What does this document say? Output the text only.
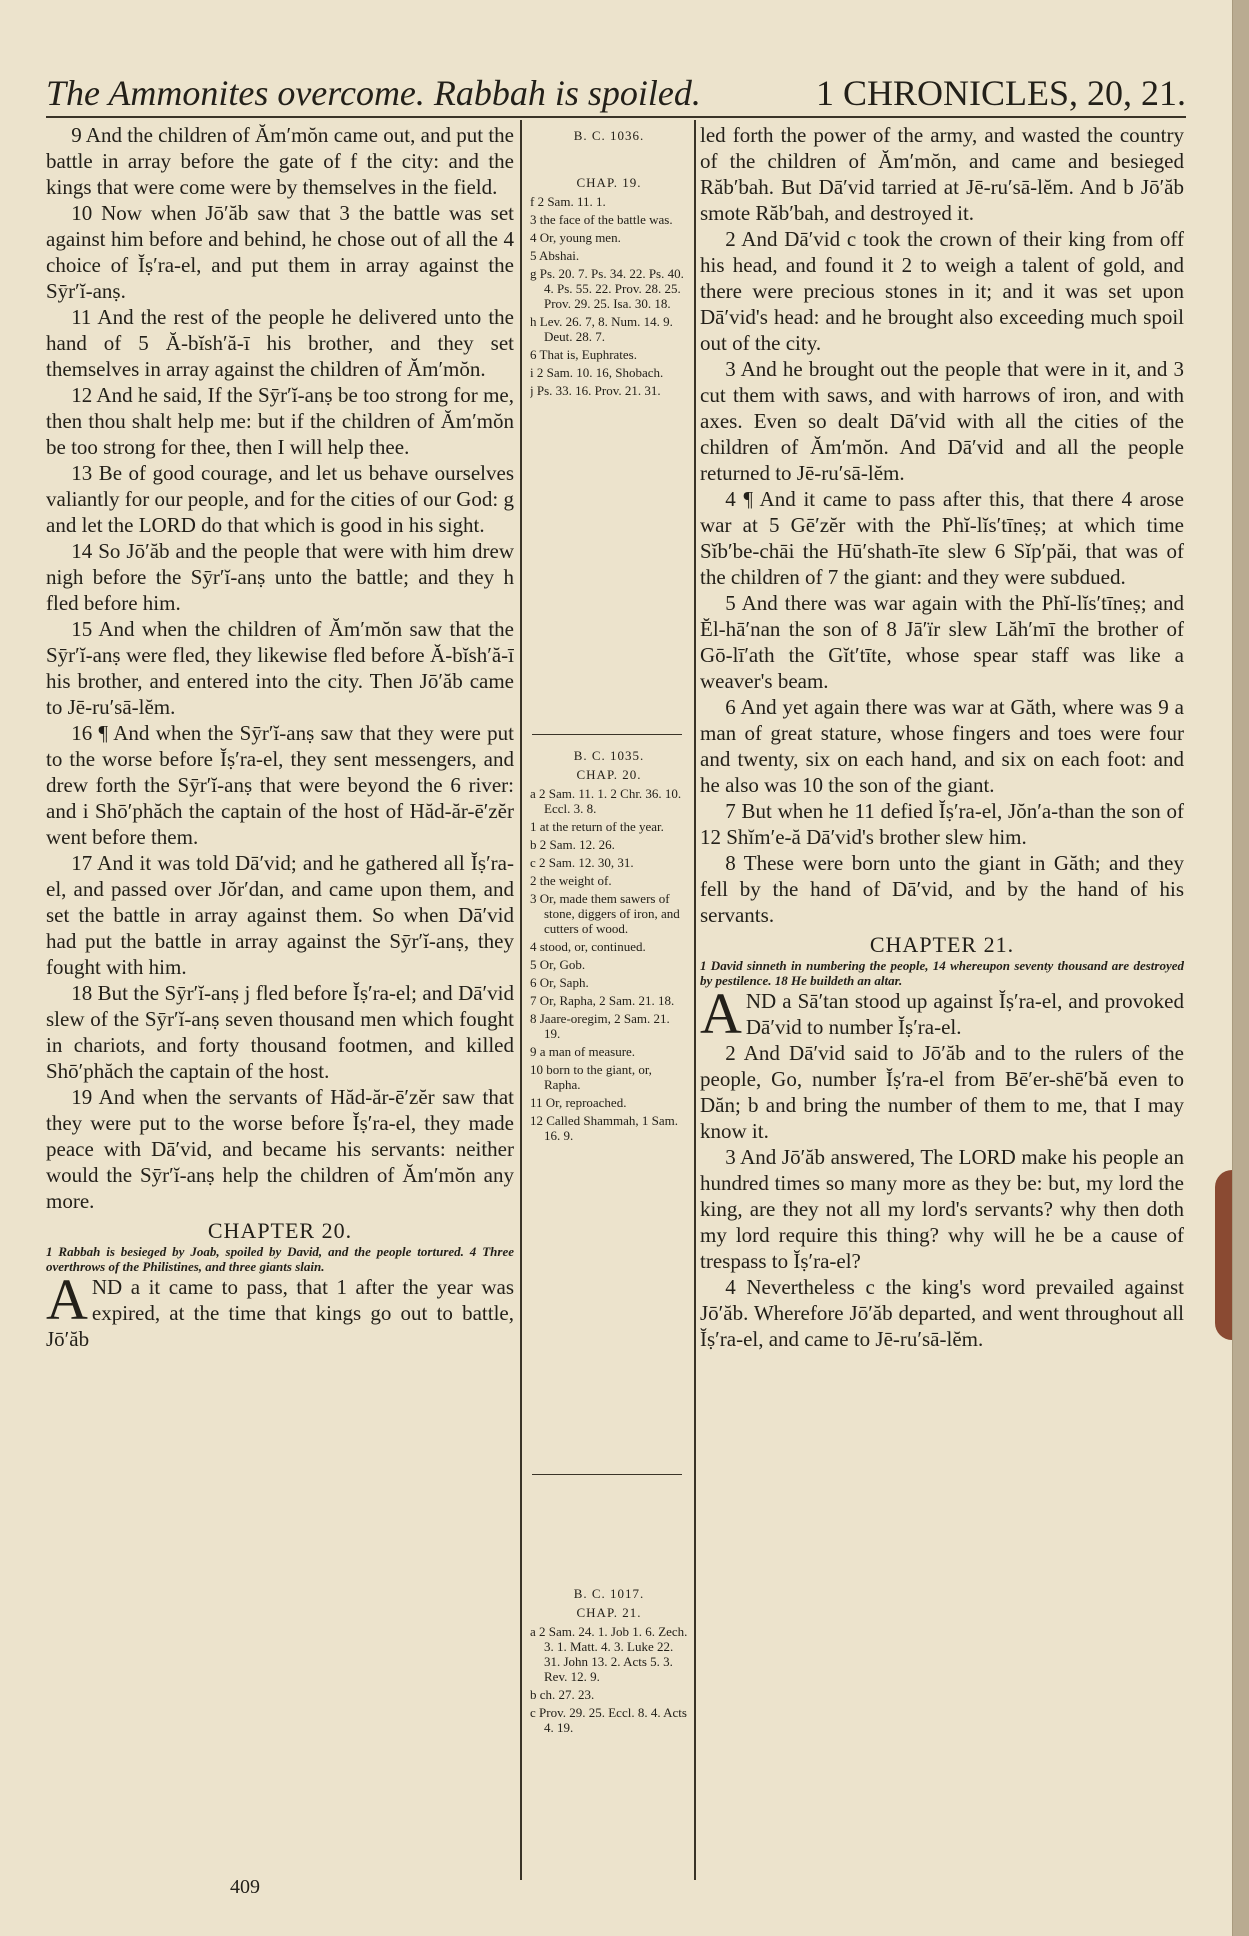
The Ammonites overcome. Rabbah is spoiled.	1 CHRONICLES, 20, 21.

9 And the children of Ăm′mŏn came out, and put the battle in array before the gate of f the city: and the kings that were come were by themselves in the field.

10 Now when Jō′ăb saw that 3 the battle was set against him before and behind, he chose out of all the 4 choice of Ĭṣ′ra-el, and put them in array against the Sӯr′ĭ-anṣ.

11 And the rest of the people he delivered unto the hand of 5 Ă-bĭsh′ă-ī his brother, and they set themselves in array against the children of Ăm′mŏn.

12 And he said, If the Sӯr′ĭ-anṣ be too strong for me, then thou shalt help me: but if the children of Ăm′mŏn be too strong for thee, then I will help thee.

13 Be of good courage, and let us behave ourselves valiantly for our people, and for the cities of our God: g and let the LORD do that which is good in his sight.

14 So Jō′ăb and the people that were with him drew nigh before the Sӯr′ĭ-anṣ unto the battle; and they h fled before him.

15 And when the children of Ăm′mŏn saw that the Sӯr′ĭ-anṣ were fled, they likewise fled before Ă-bĭsh′ă-ī his brother, and entered into the city. Then Jō′ăb came to Jē-ru′sā-lĕm.

16 ¶ And when the Sӯr′ĭ-anṣ saw that they were put to the worse before Ĭṣ′ra-el, they sent messengers, and drew forth the Sӯr′ĭ-anṣ that were beyond the 6 river: and i Shō′phăch the captain of the host of Hăd-ăr-ē′zĕr went before them.

17 And it was told Dā′vid; and he gathered all Ĭṣ′ra-el, and passed over Jŏr′dan, and came upon them, and set the battle in array against them. So when Dā′vid had put the battle in array against the Sӯr′ĭ-anṣ, they fought with him.

18 But the Sӯr′ĭ-anṣ j fled before Ĭṣ′ra-el; and Dā′vid slew of the Sӯr′ĭ-anṣ seven thousand men which fought in chariots, and forty thousand footmen, and killed Shō′phăch the captain of the host.

19 And when the servants of Hăd-ăr-ē′zĕr saw that they were put to the worse before Ĭṣ′ra-el, they made peace with Dā′vid, and became his servants: neither would the Sӯr′ĭ-anṣ help the children of Ăm′mŏn any more.

CHAPTER 20.

1 Rabbah is besieged by Joab, spoiled by David, and the people tortured. 4 Three overthrows of the Philistines, and three giants slain.

AND a it came to pass, that 1 after the year was expired, at the time that kings go out to battle, Jō′ăb

B. C. 1036.
CHAP. 19.
f 2 Sam. 11. 1.
3 the face of the battle was.
4 Or, young men.
5 Abshai.
g Ps. 20. 7. Ps. 34. 22. Ps. 40. 4. Ps. 55. 22. Prov. 28. 25. Prov. 29. 25. Isa. 30. 18.
h Lev. 26. 7, 8. Num. 14. 9. Deut. 28. 7.
6 That is, Euphrates.
i 2 Sam. 10. 16, Shobach.
j Ps. 33. 16. Prov. 21. 31.
B. C. 1035.
CHAP. 20.
a 2 Sam. 11. 1. 2 Chr. 36. 10. Eccl. 3. 8.
1 at the return of the year.
b 2 Sam. 12. 26.
c 2 Sam. 12. 30, 31.
2 the weight of.
3 Or, made them sawers of stone, diggers of iron, and cutters of wood.
4 stood, or, continued.
5 Or, Gob.
6 Or, Saph.
7 Or, Rapha, 2 Sam. 21. 18.
8 Jaare-oregim, 2 Sam. 21. 19.
9 a man of measure.
10 born to the giant, or, Rapha.
11 Or, reproached.
12 Called Shammah, 1 Sam. 16. 9.
B. C. 1017.
CHAP. 21.
a 2 Sam. 24. 1. Job 1. 6. Zech. 3. 1. Matt. 4. 3. Luke 22. 31. John 13. 2. Acts 5. 3. Rev. 12. 9.
b ch. 27. 23.
c Prov. 29. 25. Eccl. 8. 4. Acts 4. 19.

led forth the power of the army, and wasted the country of the children of Ăm′mŏn, and came and besieged Răb′bah. But Dā′vid tarried at Jē-ru′sā-lĕm. And b Jō′ăb smote Răb′bah, and destroyed it.

2 And Dā′vid c took the crown of their king from off his head, and found it 2 to weigh a talent of gold, and there were precious stones in it; and it was set upon Dā′vid's head: and he brought also exceeding much spoil out of the city.

3 And he brought out the people that were in it, and 3 cut them with saws, and with harrows of iron, and with axes. Even so dealt Dā′vid with all the cities of the children of Ăm′mŏn. And Dā′vid and all the people returned to Jē-ru′sā-lĕm.

4 ¶ And it came to pass after this, that there 4 arose war at 5 Gē′zĕr with the Phĭ-lĭs′tīneṣ; at which time Sĭb′be-chāi the Hū′shath-īte slew 6 Sĭp′păi, that was of the children of 7 the giant: and they were subdued.

5 And there was war again with the Phĭ-lĭs′tīneṣ; and Ĕl-hā′nan the son of 8 Jā′ïr slew Lăh′mī the brother of Gō-lī′ath the Gĭt′tīte, whose spear staff was like a weaver's beam.

6 And yet again there was war at Găth, where was 9 a man of great stature, whose fingers and toes were four and twenty, six on each hand, and six on each foot: and he also was 10 the son of the giant.

7 But when he 11 defied Ĭṣ′ra-el, Jŏn′a-than the son of 12 Shĭm′e-ă Dā′vid's brother slew him.

8 These were born unto the giant in Găth; and they fell by the hand of Dā′vid, and by the hand of his servants.

CHAPTER 21.

1 David sinneth in numbering the people, 14 whereupon seventy thousand are destroyed by pestilence. 18 He buildeth an altar.

AND a Sā′tan stood up against Ĭṣ′ra-el, and provoked Dā′vid to number Ĭṣ′ra-el.

2 And Dā′vid said to Jō′ăb and to the rulers of the people, Go, number Ĭṣ′ra-el from Bē′er-shē′bă even to Dăn; b and bring the number of them to me, that I may know it.

3 And Jō′ăb answered, The LORD make his people an hundred times so many more as they be: but, my lord the king, are they not all my lord's servants? why then doth my lord require this thing? why will he be a cause of trespass to Ĭṣ′ra-el?

4 Nevertheless c the king's word prevailed against Jō′ăb. Wherefore Jō′ăb departed, and went throughout all Ĭṣ′ra-el, and came to Jē-ru′sā-lĕm.

409
